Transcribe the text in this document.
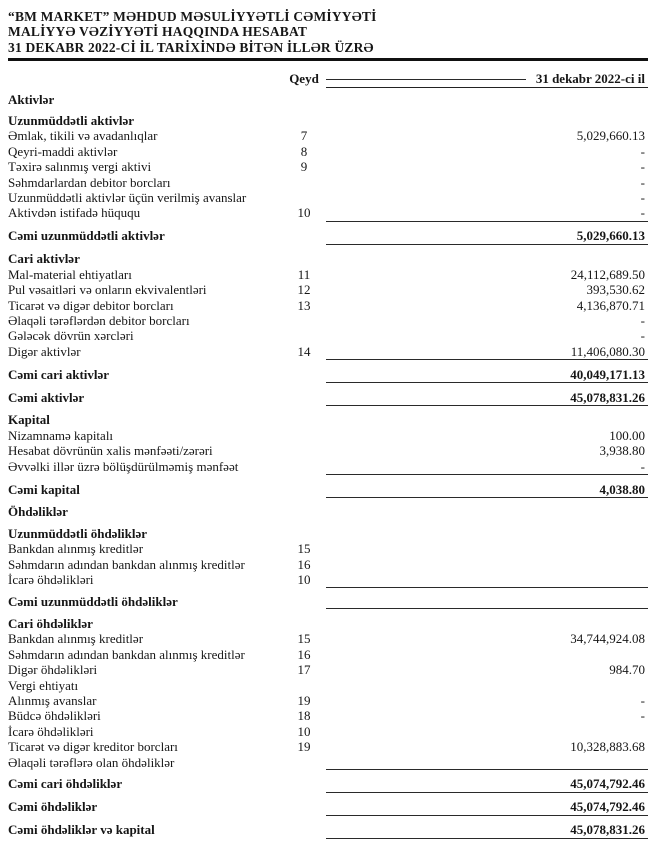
“BM MARKET” MƏHDUD MƏSULİYYƏTLİ CƏMİYYƏTİ
MALİYYƏ VƏZİYYƏTİ HAQQINDA HESABAT
31 DEKABR 2022-Cİ İL TARİXİNDƏ BİTƏN İLLƏR ÜZRƏ
Qeyd	31 dekabr 2022-ci il
Aktivlər
Uzunmüddətli aktivlər
Əmlak, tikili və avadanlıqlar	7	5,029,660.13
Qeyri-maddi aktivlər	8	-
Təxirə salınmış vergi aktivi	9	-
Səhmdarlardan debitor borcları	-
Uzunmüddətli aktivlər üçün verilmiş avanslar	-
Aktivdən istifadə hüququ	10	-
Cəmi uzunmüddətli aktivlər	5,029,660.13
Cari aktivlər
Mal-material ehtiyatları	11	24,112,689.50
Pul vəsaitləri və onların ekvivalentləri	12	393,530.62
Ticarət və digər debitor borcları	13	4,136,870.71
Əlaqəli tərəflərdən debitor borcları	-
Gələcək dövrün xərcləri	-
Digər aktivlər	14	11,406,080.30
Cəmi cari aktivlər	40,049,171.13
Cəmi aktivlər	45,078,831.26
Kapital
Nizamnamə kapitalı	100.00
Hesabat dövrünün xalis mənfəəti/zərəri	3,938.80
Əvvəlki illər üzrə bölüşdürülməmiş mənfəət	-
Cəmi kapital	4,038.80
Öhdəliklər
Uzunmüddətli öhdəliklər
Bankdan alınmış kreditlər	15
Səhmdarın adından bankdan alınmış kreditlər	16
İcarə öhdəlikləri	10
Cəmi uzunmüddətli öhdəliklər
Cari öhdəliklər
Bankdan alınmış kreditlər	15	34,744,924.08
Səhmdarın adından bankdan alınmış kreditlər	16
Digər öhdəlikləri	17	984.70
Vergi ehtiyatı
Alınmış avanslar	19	-
Büdcə öhdəlikləri	18	-
İcarə öhdəlikləri	10
Ticarət və digər kreditor borcları	19	10,328,883.68
Əlaqəli tərəflərə olan öhdəliklər
Cəmi cari öhdəliklər	45,074,792.46
Cəmi öhdəliklər	45,074,792.46
Cəmi öhdəliklər və kapital	45,078,831.26
